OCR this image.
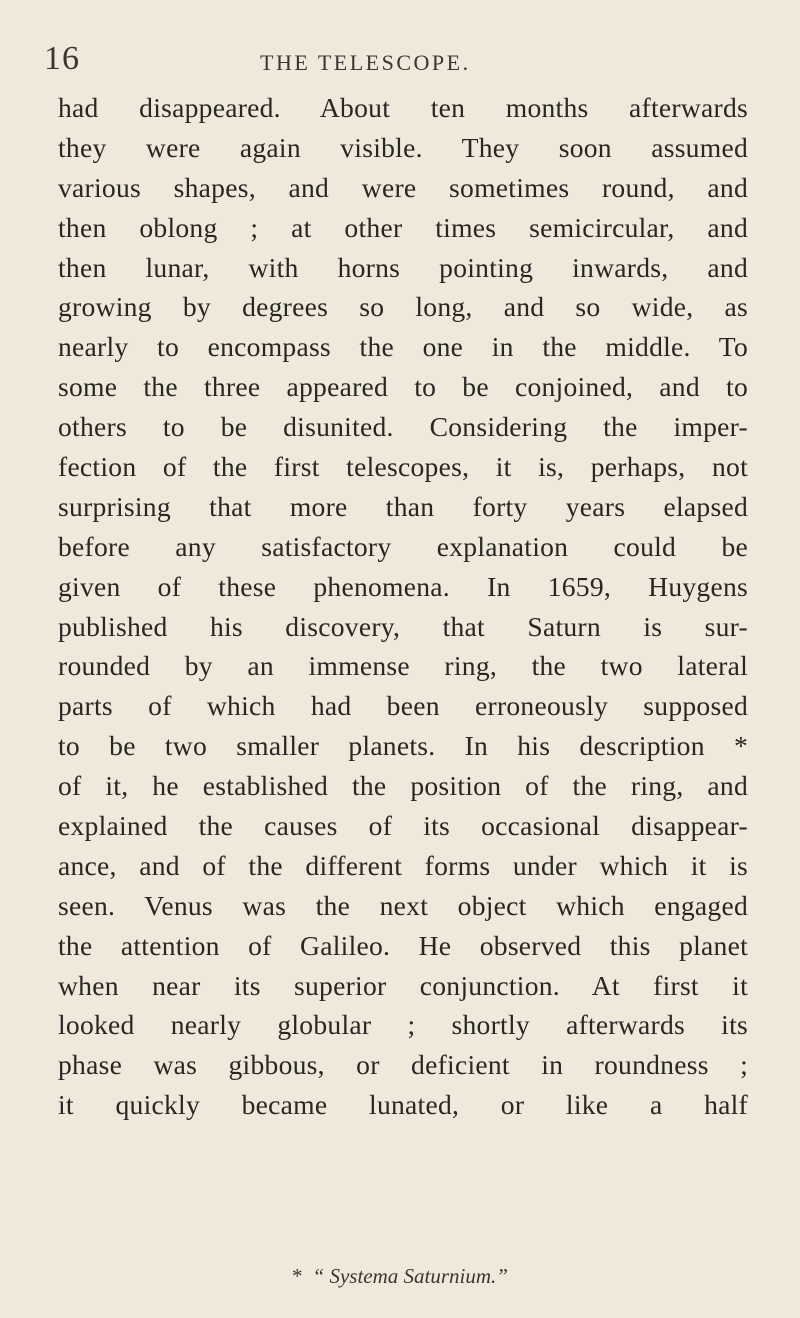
16	THE TELESCOPE.
had disappeared. About ten months afterwards
they were again visible. They soon assumed
various shapes, and were sometimes round, and
then oblong ; at other times semicircular, and
then lunar, with horns pointing inwards, and
growing by degrees so long, and so wide, as
nearly to encompass the one in the middle. To
some the three appeared to be conjoined, and to
others to be disunited. Considering the imper-
fection of the first telescopes, it is, perhaps, not
surprising that more than forty years elapsed
before any satisfactory explanation could be
given of these phenomena. In 1659, Huygens
published his discovery, that Saturn is sur-
rounded by an immense ring, the two lateral
parts of which had been erroneously supposed
to be two smaller planets. In his description *
of it, he established the position of the ring, and
explained the causes of its occasional disappear-
ance, and of the different forms under which it is
seen. Venus was the next object which engaged
the attention of Galileo. He observed this planet
when near its superior conjunction. At first it
looked nearly globular ; shortly afterwards its
phase was gibbous, or deficient in roundness ;
it quickly became lunated, or like a half
* “ Systema Saturnium.”
